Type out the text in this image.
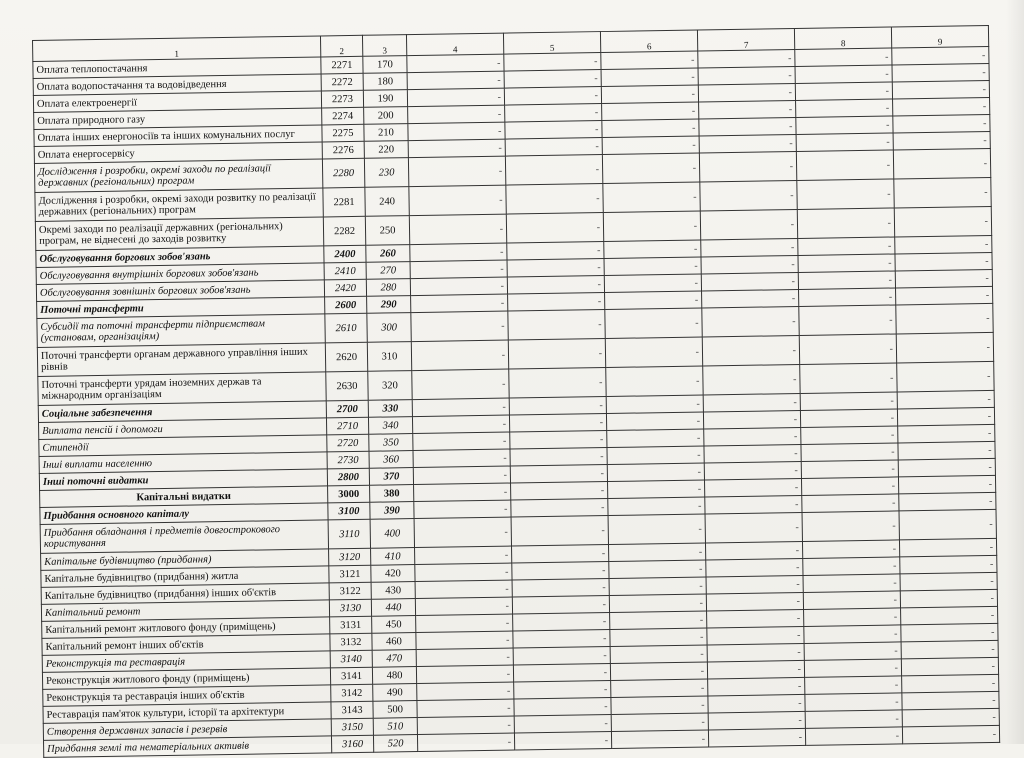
1	2	3	4	5	6	7	8	9
Оплата теплопостачання	2271	170	-	-	-	-	-	-
Оплата водопостачання та водовідведення	2272	180	-	-	-	-	-	-
Оплата електроенергії	2273	190	-	-	-	-	-	-
Оплата природного газу	2274	200	-	-	-	-	-	-
Оплата інших енергоносіїв та інших комунальних послуг	2275	210	-	-	-	-	-	-
Оплата енергосервісу	2276	220	-	-	-	-	-	-
Дослідження і розробки, окремі заходи по реалізації державних (регіональних) програм	2280	230	-	-	-	-	-	-
Дослідження і розробки, окремі заходи розвитку по реалізації державних (регіональних) програм	2281	240	-	-	-	-	-	-
Окремі заходи по реалізації державних (регіональних) програм, не віднесені до заходів розвитку	2282	250	-	-	-	-	-	-
Обслуговування боргових зобов'язань	2400	260	-	-	-	-	-	-
Обслуговування внутрішніх боргових зобов'язань	2410	270	-	-	-	-	-	-
Обслуговування зовнішніх боргових зобов'язань	2420	280	-	-	-	-	-	-
Поточні трансферти	2600	290	-	-	-	-	-	-
Субсидії та поточні трансферти підприємствам (установам, організаціям)	2610	300	-	-	-	-	-	-
Поточні трансферти органам державного управління інших рівнів	2620	310	-	-	-	-	-	-
Поточні трансферти урядам іноземних держав та міжнародним організаціям	2630	320	-	-	-	-	-	-
Соціальне забезпечення	2700	330	-	-	-	-	-	-
Виплата пенсій і допомоги	2710	340	-	-	-	-	-	-
Стипендії	2720	350	-	-	-	-	-	-
Інші виплати населенню	2730	360	-	-	-	-	-	-
Інші поточні видатки	2800	370	-	-	-	-	-	-
Капітальні видатки	3000	380	-	-	-	-	-	-
Придбання основного капіталу	3100	390	-	-	-	-	-	-
Придбання обладнання і предметів довгострокового користування	3110	400	-	-	-	-	-	-
Капітальне будівництво (придбання)	3120	410	-	-	-	-	-	-
Капітальне будівництво (придбання) житла	3121	420	-	-	-	-	-	-
Капітальне будівництво (придбання) інших об'єктів	3122	430	-	-	-	-	-	-
Капітальний ремонт	3130	440	-	-	-	-	-	-
Капітальний ремонт житлового фонду (приміщень)	3131	450	-	-	-	-	-	-
Капітальний ремонт інших об'єктів	3132	460	-	-	-	-	-	-
Реконструкція та реставрація	3140	470	-	-	-	-	-	-
Реконструкція житлового фонду (приміщень)	3141	480	-	-	-	-	-	-
Реконструкція та реставрація інших об'єктів	3142	490	-	-	-	-	-	-
Реставрація пам'яток культури, історії та архітектури	3143	500	-	-	-	-	-	-
Створення державних запасів і резервів	3150	510	-	-	-	-	-	-
Придбання землі та нематеріальних активів	3160	520	-	-	-	-	-	-
